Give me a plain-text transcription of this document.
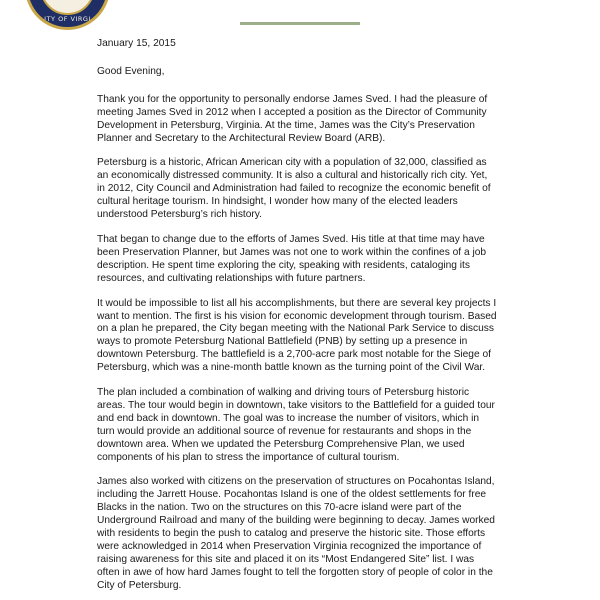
ITY OF VIRGI

January 15, 2015

Good Evening,

Thank you for the opportunity to personally endorse James Sved. I had the pleasure of meeting James Sved in 2012 when I accepted a position as the Director of Community Development in Petersburg, Virginia. At the time, James was the City’s Preservation Planner and Secretary to the Architectural Review Board (ARB).

Petersburg is a historic, African American city with a population of 32,000, classified as an economically distressed community. It is also a cultural and historically rich city. Yet, in 2012, City Council and Administration had failed to recognize the economic benefit of cultural heritage tourism. In hindsight, I wonder how many of the elected leaders understood Petersburg’s rich history.

That began to change due to the efforts of James Sved. His title at that time may have been Preservation Planner, but James was not one to work within the confines of a job description. He spent time exploring the city, speaking with residents, cataloging its resources, and cultivating relationships with future partners.

It would be impossible to list all his accomplishments, but there are several key projects I want to mention. The first is his vision for economic development through tourism. Based on a plan he prepared, the City began meeting with the National Park Service to discuss ways to promote Petersburg National Battlefield (PNB) by setting up a presence in downtown Petersburg. The battlefield is a 2,700-acre park most notable for the Siege of Petersburg, which was a nine-month battle known as the turning point of the Civil War.

The plan included a combination of walking and driving tours of Petersburg historic areas. The tour would begin in downtown, take visitors to the Battlefield for a guided tour and end back in downtown. The goal was to increase the number of visitors, which in turn would provide an additional source of revenue for restaurants and shops in the downtown area. When we updated the Petersburg Comprehensive Plan, we used components of his plan to stress the importance of cultural tourism.

James also worked with citizens on the preservation of structures on Pocahontas Island, including the Jarrett House. Pocahontas Island is one of the oldest settlements for free Blacks in the nation. Two on the structures on this 70-acre island were part of the Underground Railroad and many of the building were beginning to decay. James worked with residents to begin the push to catalog and preserve the historic site. Those efforts were acknowledged in 2014 when Preservation Virginia recognized the importance of raising awareness for this site and placed it on its “Most Endangered Site” list. I was often in awe of how hard James fought to tell the forgotten story of people of color in the City of Petersburg.
